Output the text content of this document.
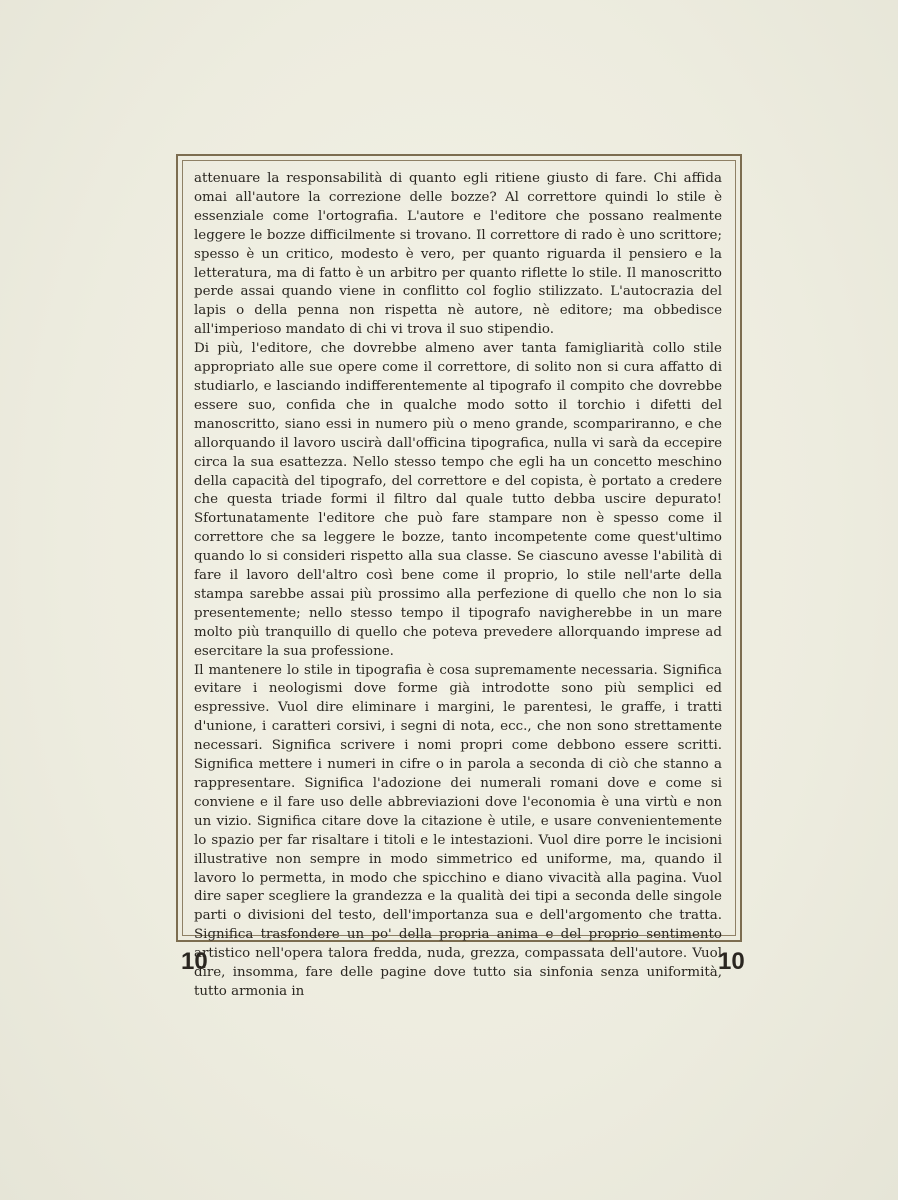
attenuare la responsabilità di quanto egli ritiene giusto di fare. Chi affida omai all'autore la correzione delle bozze? Al correttore quindi lo stile è essenziale come l'ortografia. L'autore e l'editore che possano realmente leggere le bozze difficilmente si trovano. Il correttore di rado è uno scrittore; spesso è un critico, modesto è vero, per quanto riguarda il pensiero e la letteratura, ma di fatto è un arbitro per quanto riflette lo stile. Il manoscritto perde assai quando viene in conflitto col foglio stilizzato. L'autocrazia del lapis o della penna non rispetta nè autore, nè editore; ma obbedisce all'imperioso mandato di chi vi trova il suo stipendio.

Di più, l'editore, che dovrebbe almeno aver tanta famigliarità collo stile appropriato alle sue opere come il correttore, di solito non si cura affatto di studiarlo, e lasciando indifferentemente al tipografo il compito che dovrebbe essere suo, confida che in qualche modo sotto il torchio i difetti del manoscritto, siano essi in numero più o meno grande, scompariranno, e che allorquando il lavoro uscirà dall'officina tipografica, nulla vi sarà da eccepire circa la sua esattezza. Nello stesso tempo che egli ha un concetto meschino della capacità del tipografo, del correttore e del copista, è portato a credere che questa triade formi il filtro dal quale tutto debba uscire depurato! Sfortunatamente l'editore che può fare stampare non è spesso come il correttore che sa leggere le bozze, tanto incompetente come quest'ultimo quando lo si consideri rispetto alla sua classe. Se ciascuno avesse l'abilità di fare il lavoro dell'altro così bene come il proprio, lo stile nell'arte della stampa sarebbe assai più prossimo alla perfezione di quello che non lo sia presentemente; nello stesso tempo il tipografo navigherebbe in un mare molto più tranquillo di quello che poteva prevedere allorquando imprese ad esercitare la sua professione.

Il mantenere lo stile in tipografia è cosa supremamente necessaria. Significa evitare i neologismi dove forme già introdotte sono più semplici ed espressive. Vuol dire eliminare i margini, le parentesi, le graffe, i tratti d'unione, i caratteri corsivi, i segni di nota, ecc., che non sono strettamente necessari. Significa scrivere i nomi propri come debbono essere scritti. Significa mettere i numeri in cifre o in parola a seconda di ciò che stanno a rappresentare. Significa l'adozione dei numerali romani dove e come si conviene e il fare uso delle abbreviazioni dove l'economia è una virtù e non un vizio. Significa citare dove la citazione è utile, e usare convenientemente lo spazio per far risaltare i titoli e le intestazioni. Vuol dire porre le incisioni illustrative non sempre in modo simmetrico ed uniforme, ma, quando il lavoro lo permetta, in modo che spicchino e diano vivacità alla pagina. Vuol dire saper scegliere la grandezza e la qualità dei tipi a seconda delle singole parti o divisioni del testo, dell'importanza sua e dell'argomento che tratta. Significa trasfondere un po' della propria anima e del proprio sentimento artistico nell'opera talora fredda, nuda, grezza, compassata dell'autore. Vuol dire, insomma, fare delle pagine dove tutto sia sinfonia senza uniformità, tutto armonia in

10	10
